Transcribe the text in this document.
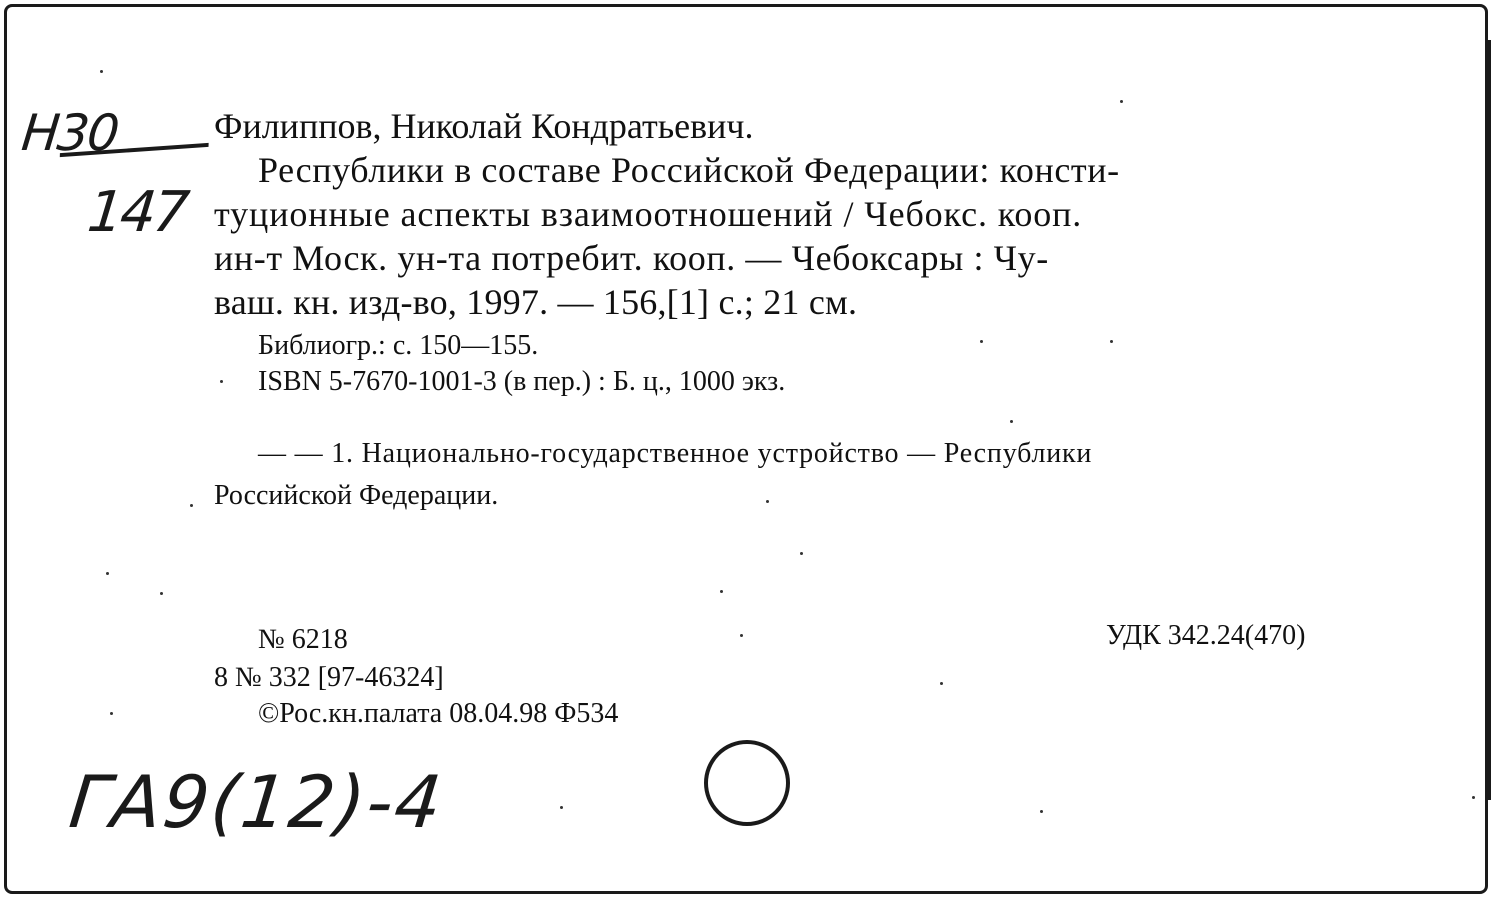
Н30
147
Филиппов, Николай Кондратьевич.
Республики в составе Российской Федерации: консти-
туционные аспекты взаимоотношений / Чебокс. кооп.
ин-т Моск. ун-та потребит. кооп. — Чебоксары : Чу-
ваш. кн. изд-во, 1997. — 156,[1] с.; 21 см.
Библиогр.: с. 150—155.
ISBN 5-7670-1001-3 (в пер.) : Б. ц., 1000 экз.
— — 1. Национально-государственное устройство — Республики
Российской Федерации.
№ 6218
8 № 332 [97-46324]
©Рос.кн.палата 08.04.98 Ф534
УДК 342.24(470)
ГА9(12)-4
